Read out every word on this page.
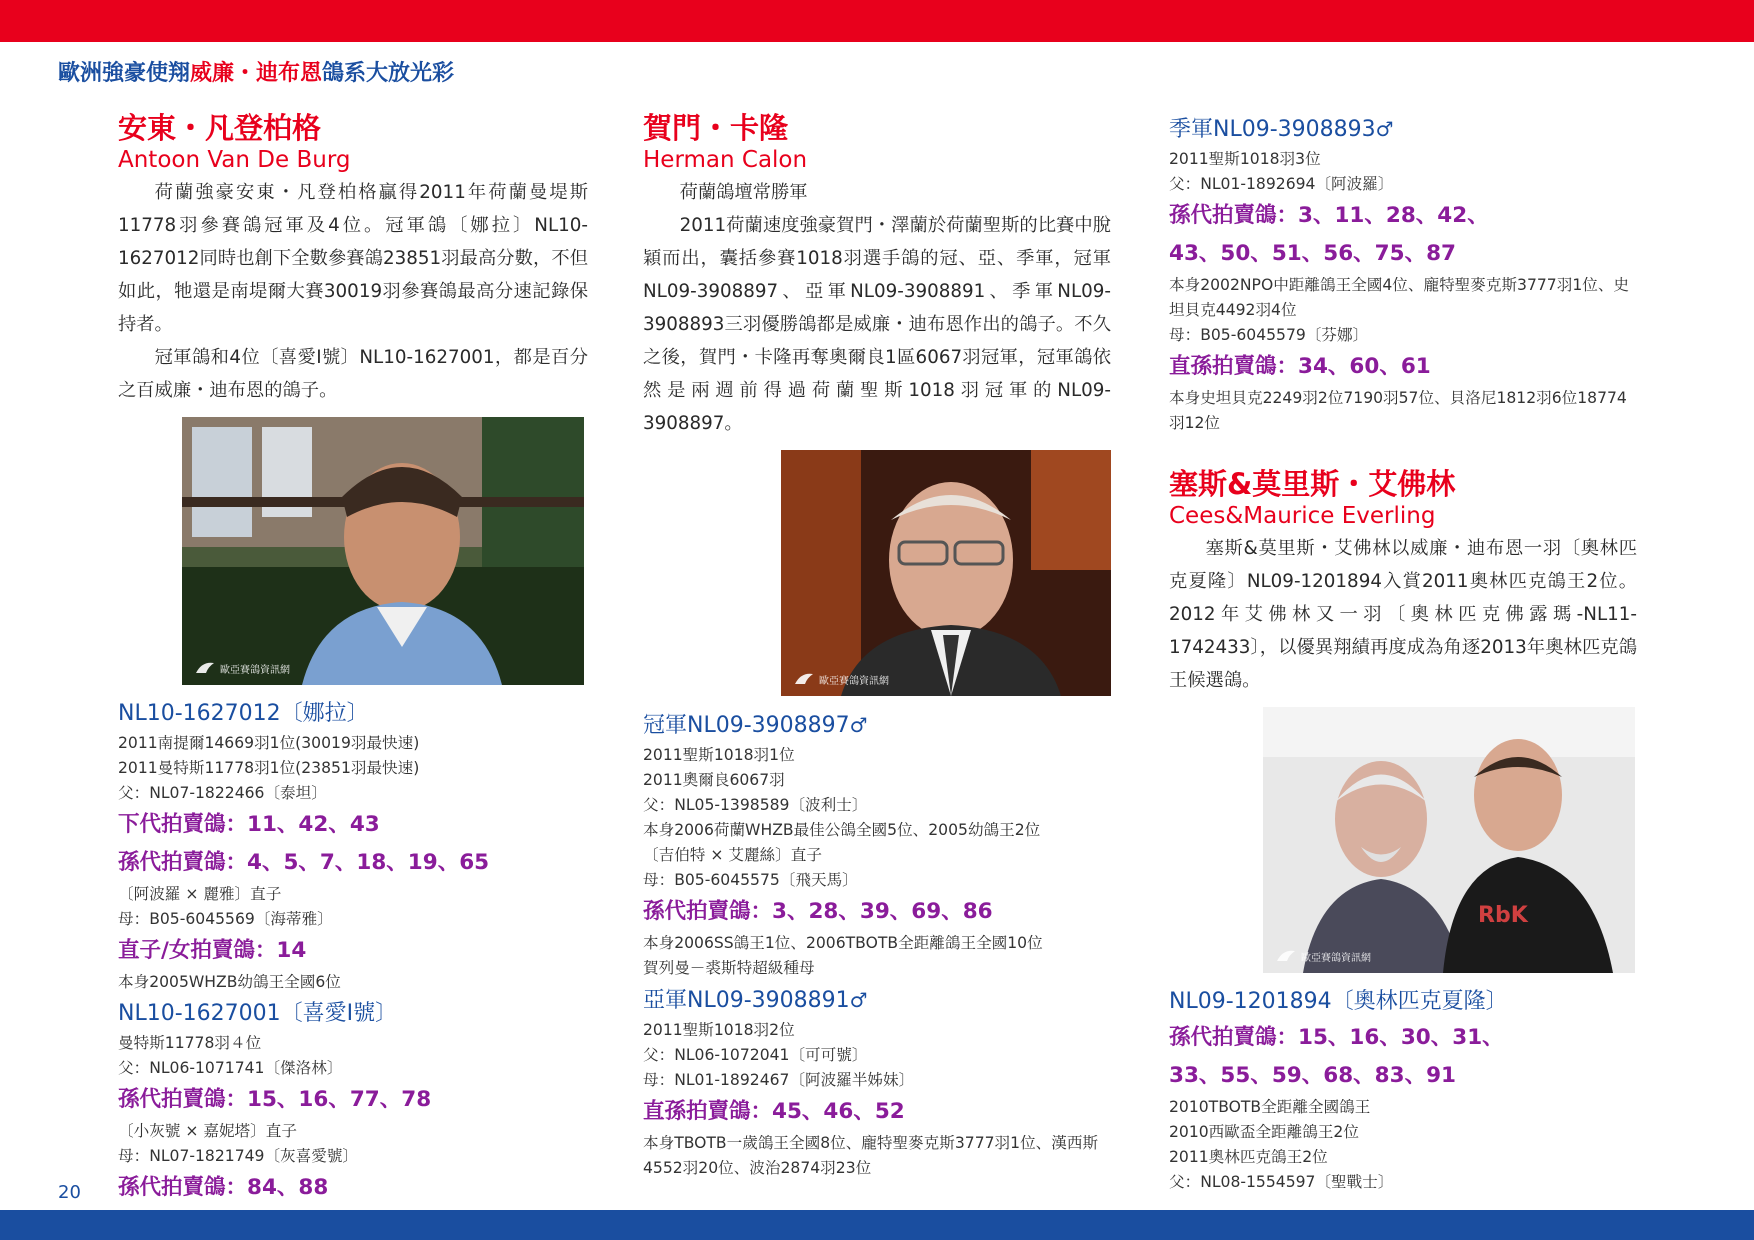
歐洲強豪使翔威廉・迪布恩鴿系大放光彩
安東・凡登柏格
Antoon Van De Burg

荷蘭強豪安東・凡登柏格贏得2011年荷蘭曼堤斯11778羽參賽鴿冠軍及4位。冠軍鴿〔娜拉〕NL10-1627012同時也創下全數參賽鴿23851羽最高分數，不但如此，牠還是南堤爾大賽30019羽參賽鴿最高分速記錄保持者。

冠軍鴿和4位〔喜愛Ⅰ號〕NL10-1627001，都是百分之百威廉・迪布恩的鴿子。

歐亞賽鴿資訊網
NL10-1627012〔娜拉〕
2011南提爾14669羽1位(30019羽最快速)
2011曼特斯11778羽1位(23851羽最快速)
父：NL07-1822466〔泰坦〕
下代拍賣鴿：11、42、43
孫代拍賣鴿：4、5、7、18、19、65
〔阿波羅 × 麗雅〕直子
母：B05-6045569〔海蒂雅〕
直子/女拍賣鴿：14
本身2005WHZB幼鴿王全國6位
NL10-1627001〔喜愛Ⅰ號〕
曼特斯11778羽４位
父：NL06-1071741〔傑洛林〕
孫代拍賣鴿：15、16、77、78
〔小灰號 × 嘉妮塔〕直子
母：NL07-1821749〔灰喜愛號〕
孫代拍賣鴿：84、88
賀門・卡隆
Herman Calon

荷蘭鴿壇常勝軍

2011荷蘭速度強豪賀門・澤蘭於荷蘭聖斯的比賽中脫穎而出，囊括參賽1018羽選手鴿的冠、亞、季軍，冠軍NL09-3908897、亞軍NL09-3908891、季軍NL09-3908893三羽優勝鴿都是威廉・迪布恩作出的鴿子。不久之後，賀門・卡隆再奪奧爾良1區6067羽冠軍，冠軍鴿依然是兩週前得過荷蘭聖斯1018羽冠軍的NL09-3908897。

歐亞賽鴿資訊網
冠軍NL09-3908897♂
2011聖斯1018羽1位
2011奧爾良6067羽
父：NL05-1398589〔波利士〕
本身2006荷蘭WHZB最佳公鴿全國5位、2005幼鴿王2位
〔吉伯特 × 艾麗絲〕直子
母：B05-6045575〔飛天馬〕
孫代拍賣鴿：3、28、39、69、86
本身2006SS鴿王1位、2006TBOTB全距離鴿王全國10位
賀列曼－裘斯特超級種母
亞軍NL09-3908891♂
2011聖斯1018羽2位
父：NL06-1072041〔可可號〕
母：NL01-1892467〔阿波羅半姊妹〕
直孫拍賣鴿：45、46、52
本身TBOTB一歲鴿王全國8位、龐特聖麥克斯3777羽1位、漢西斯4552羽20位、波治2874羽23位
季軍NL09-3908893♂
2011聖斯1018羽3位
父：NL01-1892694〔阿波羅〕
孫代拍賣鴿：3、11、28、42、
43、50、51、56、75、87
本身2002NPO中距離鴿王全國4位、龐特聖麥克斯3777羽1位、史坦貝克4492羽4位
母：B05-6045579〔芬娜〕
直孫拍賣鴿：34、60、61
本身史坦貝克2249羽2位7190羽57位、貝洛尼1812羽6位18774羽12位
塞斯&莫里斯・艾佛林
Cees&Maurice Everling

塞斯&莫里斯・艾佛林以威廉・迪布恩一羽〔奧林匹克夏隆〕NL09-1201894入賞2011奧林匹克鴿王2位。2012年艾佛林又一羽〔奧林匹克佛露瑪-NL11-1742433〕，以優異翔績再度成為角逐2013年奧林匹克鴿王候選鴿。

RbK
歐亞賽鴿資訊網
NL09-1201894〔奧林匹克夏隆〕
孫代拍賣鴿：15、16、30、31、
33、55、59、68、83、91
2010TBOTB全距離全國鴿王
2010西歐盃全距離鴿王2位
2011奧林匹克鴿王2位
父：NL08-1554597〔聖戰士〕
20
